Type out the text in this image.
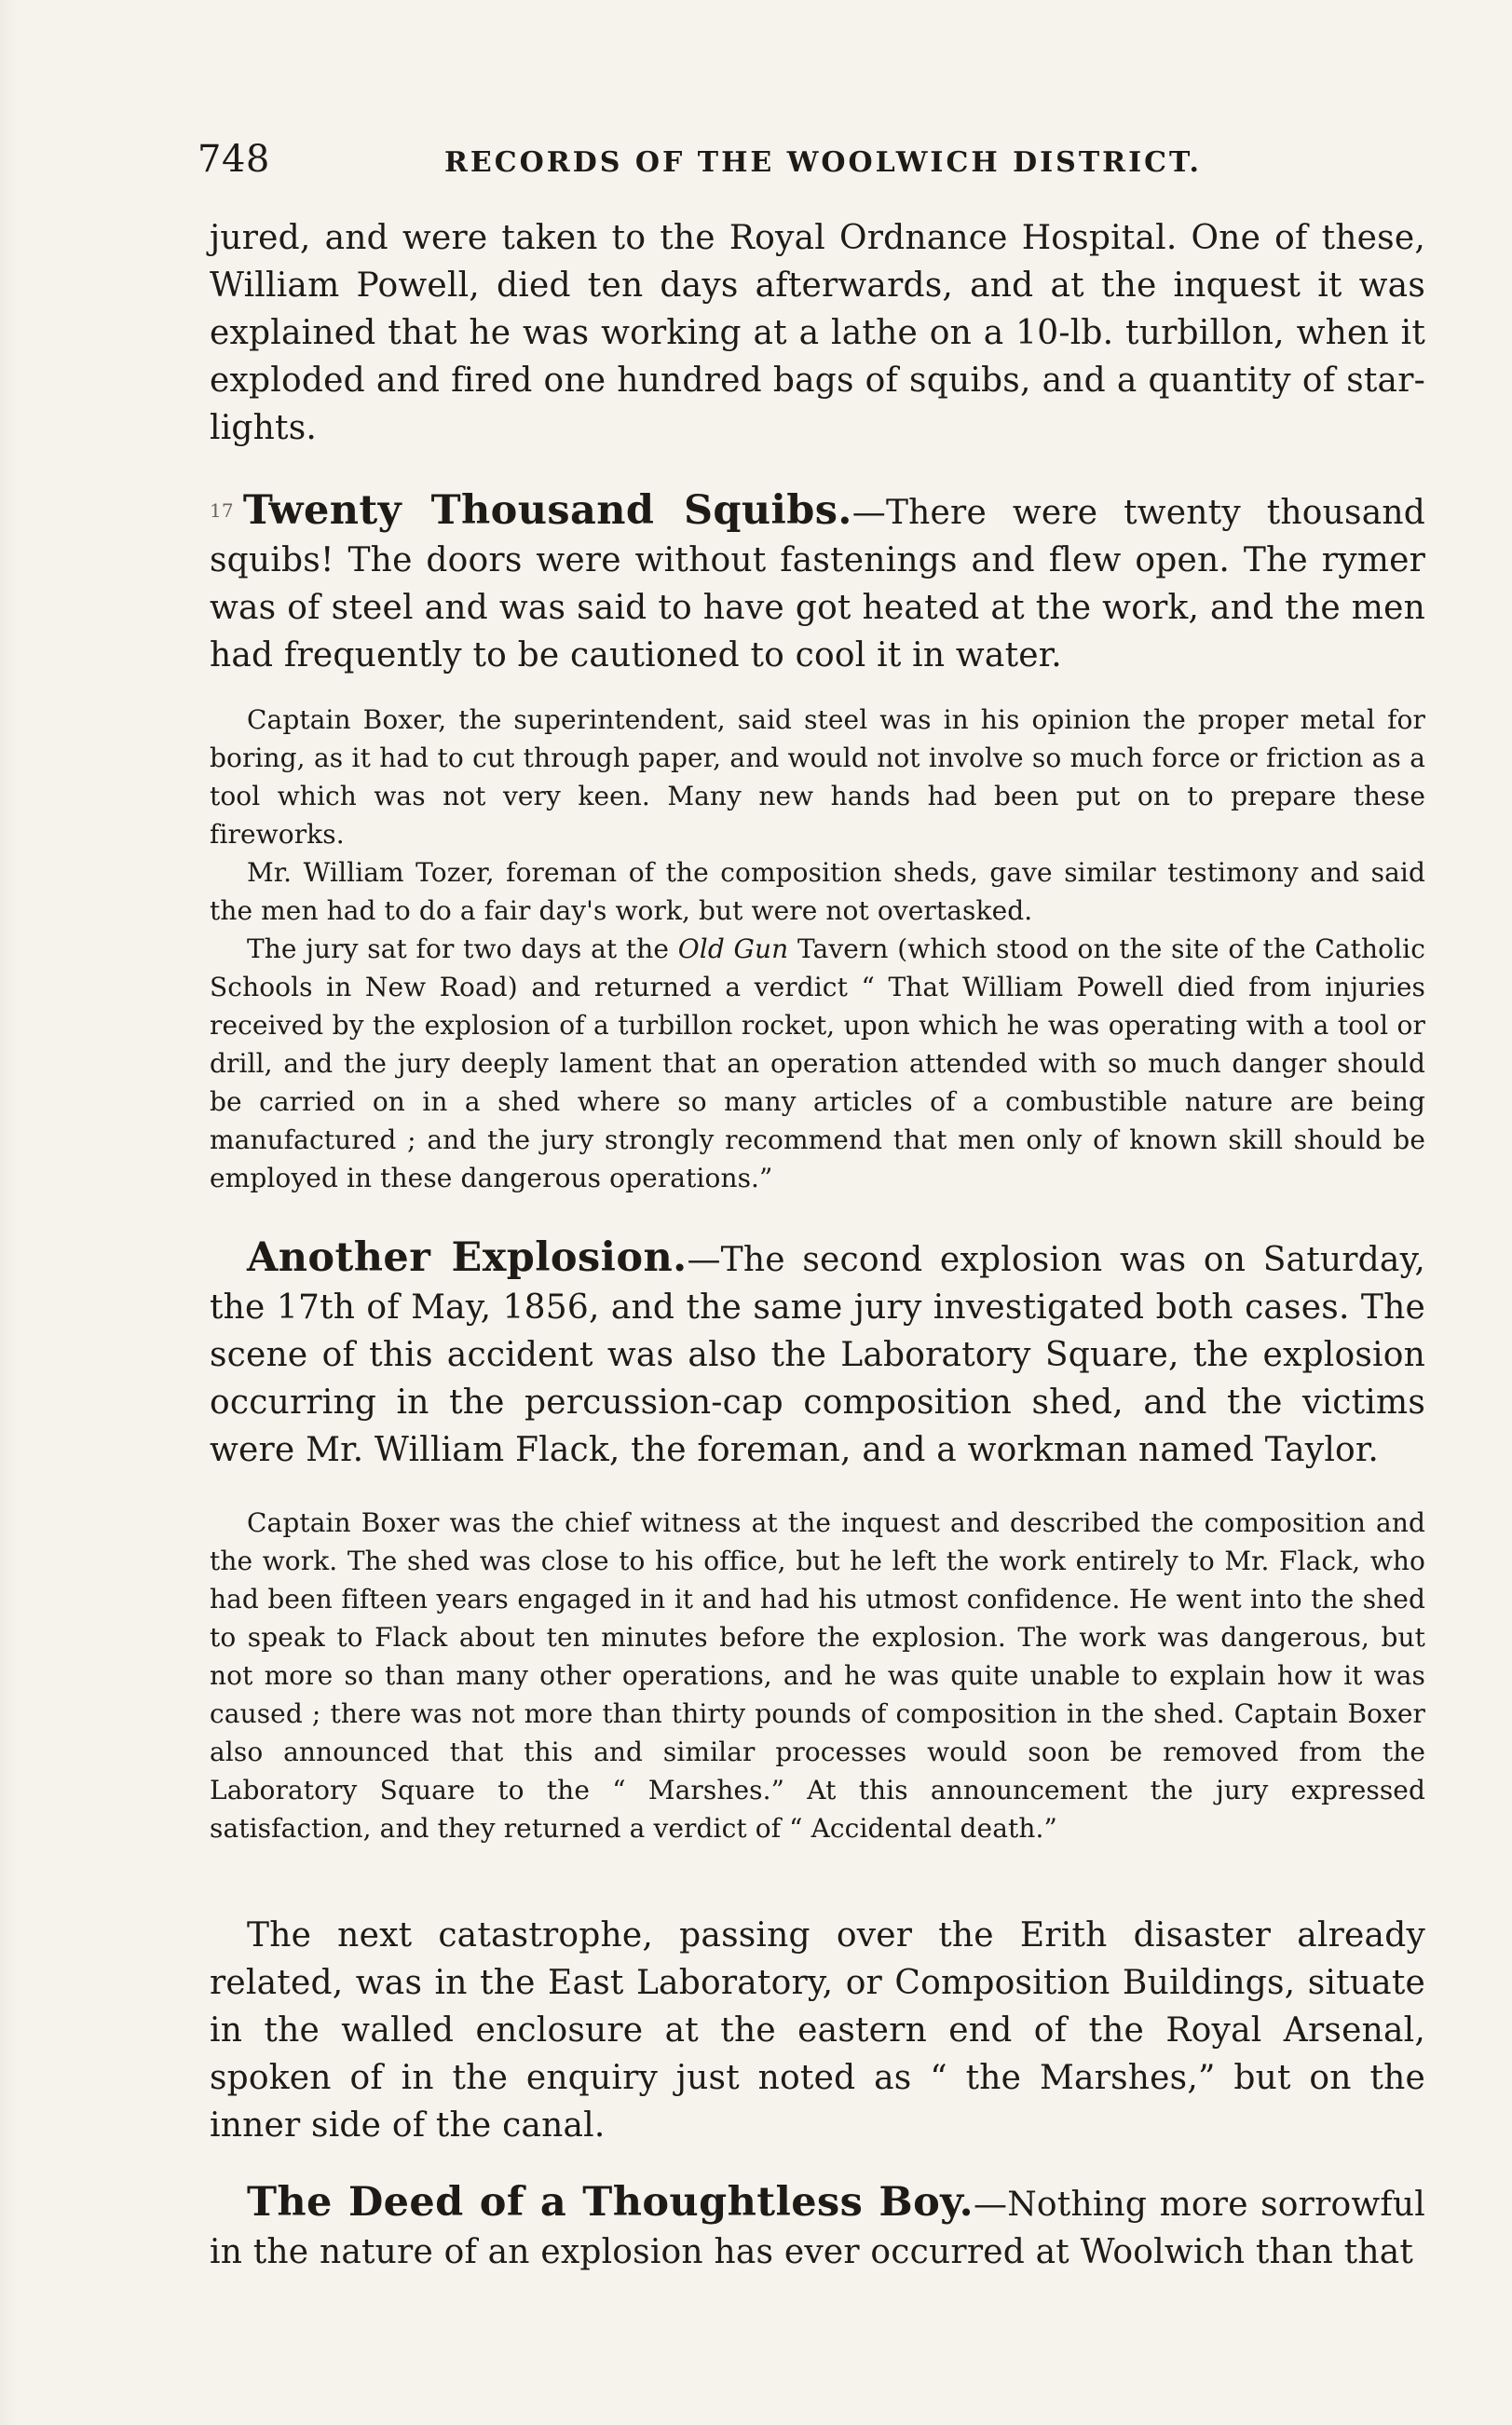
748	RECORDS OF THE WOOLWICH DISTRICT.

jured, and were taken to the Royal Ordnance Hospital. One of these, William Powell, died ten days afterwards, and at the inquest it was explained that he was working at a lathe on a 10-lb. turbillon, when it exploded and fired one hundred bags of squibs, and a quantity of star-lights.

17 Twenty Thousand Squibs.—There were twenty thousand squibs! The doors were without fastenings and flew open. The rymer was of steel and was said to have got heated at the work, and the men had frequently to be cautioned to cool it in water.

Captain Boxer, the superintendent, said steel was in his opinion the proper metal for boring, as it had to cut through paper, and would not involve so much force or friction as a tool which was not very keen. Many new hands had been put on to prepare these fireworks.

Mr. William Tozer, foreman of the composition sheds, gave similar testimony and said the men had to do a fair day's work, but were not overtasked.

The jury sat for two days at the Old Gun Tavern (which stood on the site of the Catholic Schools in New Road) and returned a verdict “ That William Powell died from injuries received by the explosion of a turbillon rocket, upon which he was operating with a tool or drill, and the jury deeply lament that an operation attended with so much danger should be carried on in a shed where so many articles of a combustible nature are being manufactured ; and the jury strongly recommend that men only of known skill should be employed in these dangerous operations.”

Another Explosion.—The second explosion was on Saturday, the 17th of May, 1856, and the same jury investigated both cases. The scene of this accident was also the Laboratory Square, the explosion occurring in the percussion-cap composition shed, and the victims were Mr. William Flack, the foreman, and a workman named Taylor.

Captain Boxer was the chief witness at the inquest and described the composition and the work. The shed was close to his office, but he left the work entirely to Mr. Flack, who had been fifteen years engaged in it and had his utmost confidence. He went into the shed to speak to Flack about ten minutes before the explosion. The work was dangerous, but not more so than many other operations, and he was quite unable to explain how it was caused ; there was not more than thirty pounds of composition in the shed. Captain Boxer also announced that this and similar processes would soon be removed from the Laboratory Square to the “ Marshes.” At this announcement the jury expressed satisfaction, and they returned a verdict of “ Accidental death.”

The next catastrophe, passing over the Erith disaster already related, was in the East Laboratory, or Composition Buildings, situate in the walled enclosure at the eastern end of the Royal Arsenal, spoken of in the enquiry just noted as “ the Marshes,” but on the inner side of the canal.

The Deed of a Thoughtless Boy.—Nothing more sorrowful in the nature of an explosion has ever occurred at Woolwich than that
